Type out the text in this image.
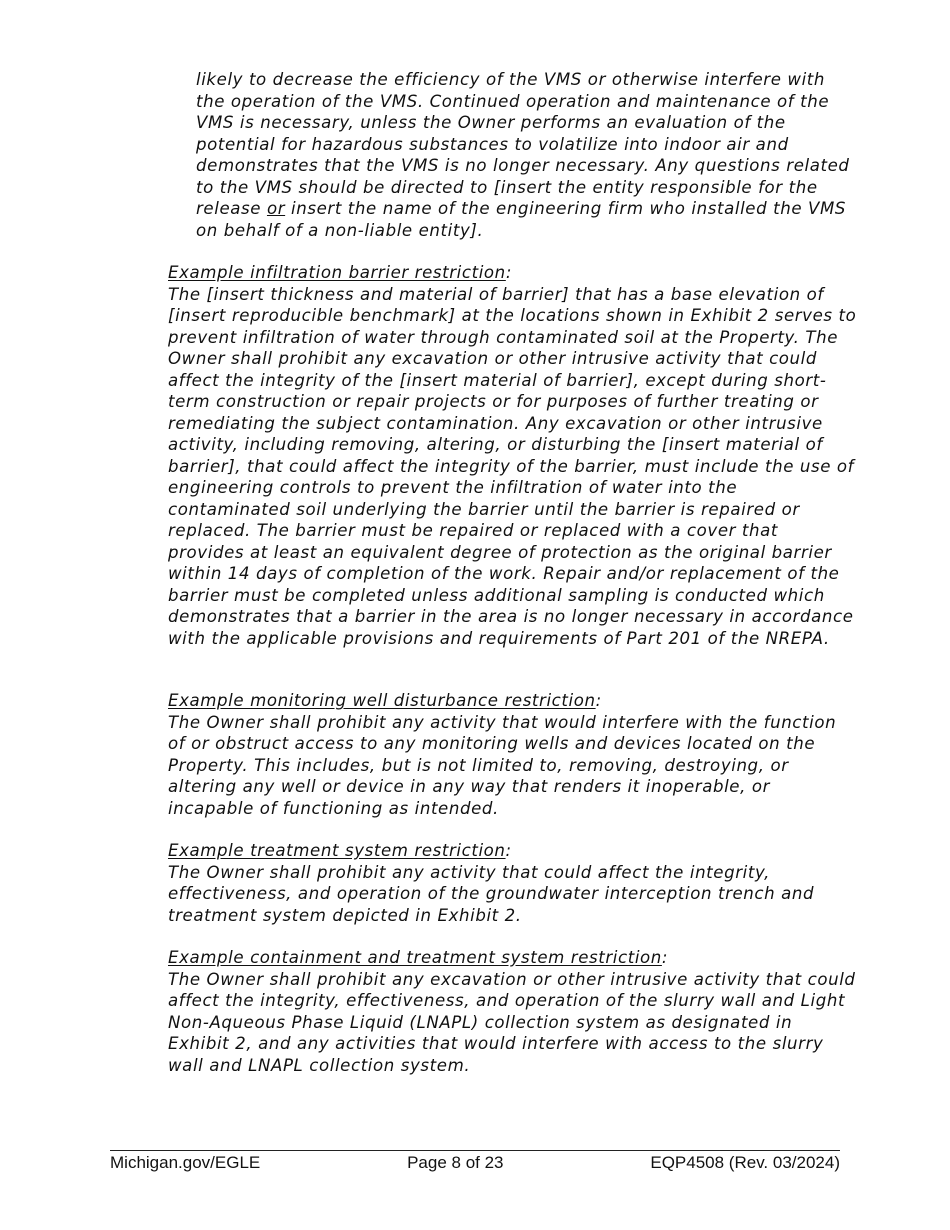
likely to decrease the efficiency of the VMS or otherwise interfere with the operation of the VMS. Continued operation and maintenance of the VMS is necessary, unless the Owner performs an evaluation of the potential for hazardous substances to volatilize into indoor air and demonstrates that the VMS is no longer necessary. Any questions related to the VMS should be directed to [insert the entity responsible for the release or insert the name of the engineering firm who installed the VMS on behalf of a non-liable entity].

Example infiltration barrier restriction:
The [insert thickness and material of barrier] that has a base elevation of [insert reproducible benchmark] at the locations shown in Exhibit 2 serves to prevent infiltration of water through contaminated soil at the Property. The Owner shall prohibit any excavation or other intrusive activity that could affect the integrity of the [insert material of barrier], except during short-term construction or repair projects or for purposes of further treating or remediating the subject contamination. Any excavation or other intrusive activity, including removing, altering, or disturbing the [insert material of barrier], that could affect the integrity of the barrier, must include the use of engineering controls to prevent the infiltration of water into the contaminated soil underlying the barrier until the barrier is repaired or replaced. The barrier must be repaired or replaced with a cover that provides at least an equivalent degree of protection as the original barrier within 14 days of completion of the work. Repair and/or replacement of the barrier must be completed unless additional sampling is conducted which demonstrates that a barrier in the area is no longer necessary in accordance with the applicable provisions and requirements of Part 201 of the NREPA.

Example monitoring well disturbance restriction:
The Owner shall prohibit any activity that would interfere with the function of or obstruct access to any monitoring wells and devices located on the Property. This includes, but is not limited to, removing, destroying, or altering any well or device in any way that renders it inoperable, or incapable of functioning as intended.

Example treatment system restriction:
The Owner shall prohibit any activity that could affect the integrity, effectiveness, and operation of the groundwater interception trench and treatment system depicted in Exhibit 2.

Example containment and treatment system restriction:
The Owner shall prohibit any excavation or other intrusive activity that could affect the integrity, effectiveness, and operation of the slurry wall and Light Non-Aqueous Phase Liquid (LNAPL) collection system as designated in Exhibit 2, and any activities that would interfere with access to the slurry wall and LNAPL collection system.

Michigan.gov/EGLE	Page 8 of 23	EQP4508 (Rev. 03/2024)
